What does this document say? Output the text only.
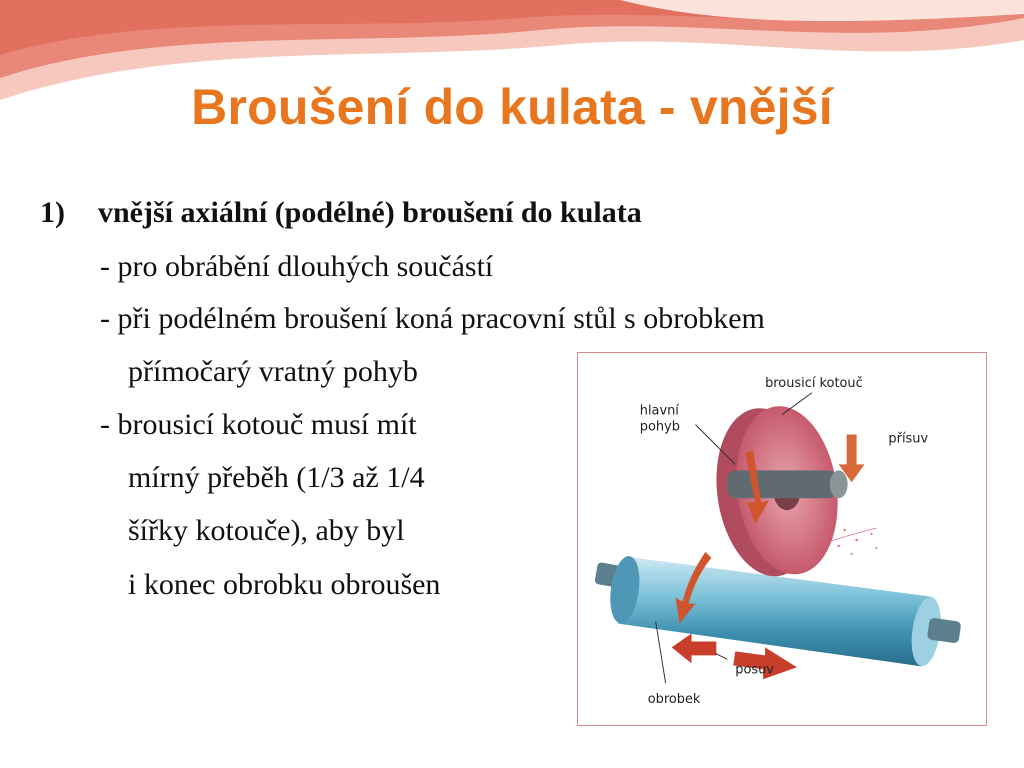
Broušení do kulata - vnější
1) vnější axiální (podélné) broušení do kulata
- pro obrábění dlouhých součástí
- při podélném broušení koná pracovní stůl s obrobkem
přímočarý vratný pohyb
- brousicí kotouč musí mít
mírný přeběh (1/3 až 1/4
šířky kotouče), aby byl
i konec obrobku obroušen
brousicí kotouč
hlavní
pohyb
přísuv
posuv
obrobek
